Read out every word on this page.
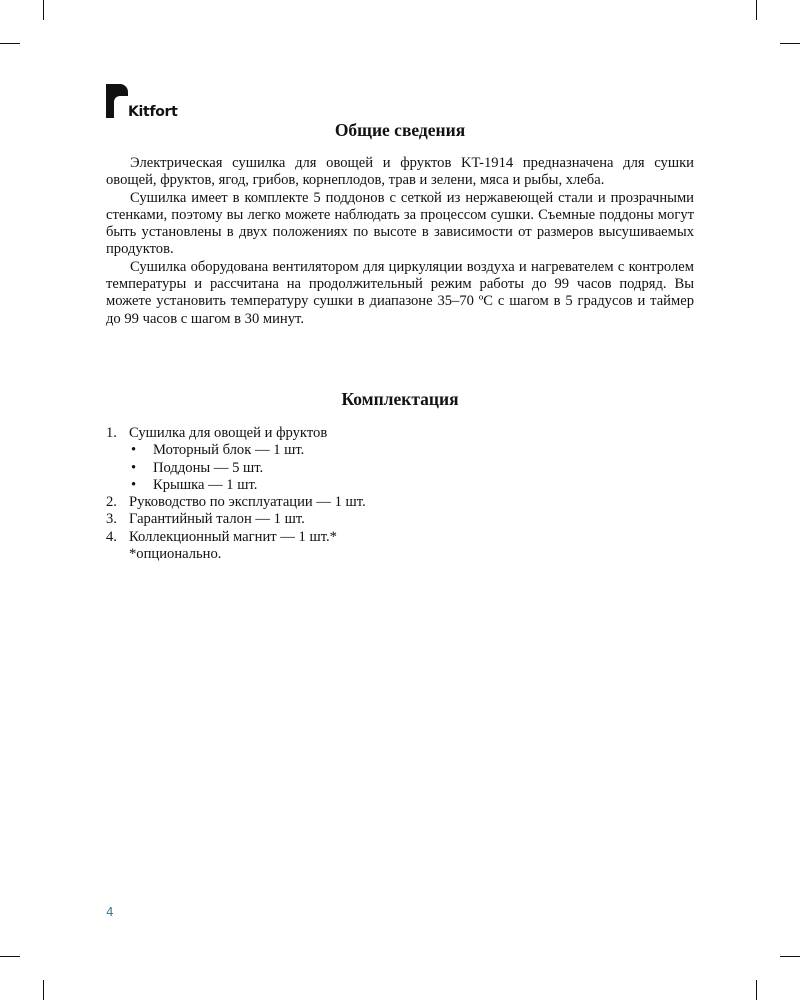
Kitfort
Общие сведения

Электрическая сушилка для овощей и фруктов KT-1914 предназначена для сушки овощей, фруктов, ягод, грибов, корнеплодов, трав и зелени, мяса и рыбы, хлеба.

Сушилка имеет в комплекте 5 поддонов с сеткой из нержавеющей стали и прозрачными стенками, поэтому вы легко можете наблюдать за процессом сушки. Съемные поддоны могут быть установлены в двух положениях по высоте в зависимости от размеров высушиваемых продуктов.

Сушилка оборудована вентилятором для циркуляции воздуха и нагревателем с контролем температуры и рассчитана на продолжительный режим работы до 99 часов подряд. Вы можете установить температуру сушки в диапазоне 35–70 ºС с шагом в 5 градусов и таймер до 99 часов с шагом в 30 минут.

Комплектация
1. Сушилка для овощей и фруктов
•	Моторный блок — 1 шт.
•	Поддоны — 5 шт.
•	Крышка — 1 шт.
2. Руководство по эксплуатации — 1 шт.
3. Гарантийный талон — 1 шт.
4. Коллекционный магнит — 1 шт.*
*опционально.
4
